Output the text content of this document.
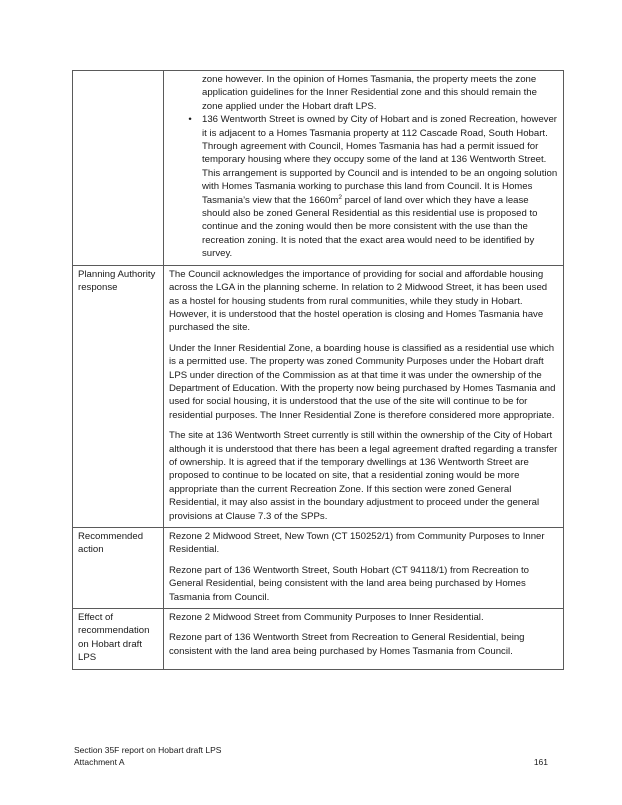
	zone however. In the opinion of Homes Tasmania, the property meets the zone application guidelines for the Inner Residential zone and this should remain the zone applied under the Hobart draft LPS.

• 136 Wentworth Street is owned by City of Hobart and is zoned Recreation, however it is adjacent to a Homes Tasmania property at 112 Cascade Road, South Hobart. Through agreement with Council, Homes Tasmania has had a permit issued for temporary housing where they occupy some of the land at 136 Wentworth Street. This arrangement is supported by Council and is intended to be an ongoing solution with Homes Tasmania working to purchase this land from Council. It is Homes Tasmania’s view that the $1660m^2$ parcel of land over which they have a lease should also be zoned General Residential as this residential use is proposed to continue and the zoning would then be more consistent with the use than the recreation zoning. It is noted that the exact area would need to be identified by survey.

Planning Authority response	The Council acknowledges the importance of providing for social and affordable housing across the LGA in the planning scheme. In relation to 2 Midwood Street, it has been used as a hostel for housing students from rural communities, while they study in Hobart. However, it is understood that the hostel operation is closing and Homes Tasmania have purchased the site.

Under the Inner Residential Zone, a boarding house is classified as a residential use which is a permitted use. The property was zoned Community Purposes under the Hobart draft LPS under direction of the Commission as at that time it was under the ownership of the Department of Education. With the property now being purchased by Homes Tasmania and used for social housing, it is understood that the use of the site will continue to be for residential purposes. The Inner Residential Zone is therefore considered more appropriate.

The site at 136 Wentworth Street currently is still within the ownership of the City of Hobart although it is understood that there has been a legal agreement drafted regarding a transfer of ownership. It is agreed that if the temporary dwellings at 136 Wentworth Street are proposed to continue to be located on site, that a residential zoning would be more appropriate than the current Recreation Zone. If this section were zoned General Residential, it may also assist in the boundary adjustment to proceed under the general provisions at Clause 7.3 of the SPPs.

Recommended action	Rezone 2 Midwood Street, New Town (CT 150252/1) from Community Purposes to Inner Residential.

Rezone part of 136 Wentworth Street, South Hobart (CT 94118/1) from Recreation to General Residential, being consistent with the land area being purchased by Homes Tasmania from Council.

Effect of recommendation on Hobart draft LPS	Rezone 2 Midwood Street from Community Purposes to Inner Residential.

Rezone part of 136 Wentworth Street from Recreation to General Residential, being consistent with the land area being purchased by Homes Tasmania from Council.

Section 35F report on Hobart draft LPS
Attachment A	161
